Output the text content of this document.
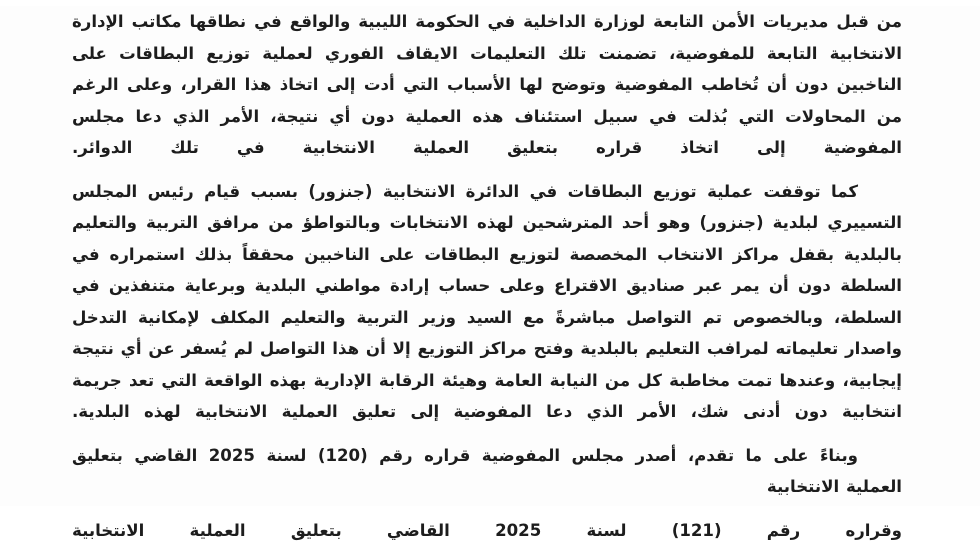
من قبل مديريات الأمن التابعة لوزارة الداخلية في الحكومة الليبية والواقع في نطاقها مكاتب الإدارة الانتخابية التابعة للمفوضية، تضمنت تلك التعليمات الايقاف الفوري لعملية توزيع البطاقات على الناخبين دون أن تُخاطب المفوضية وتوضح لها الأسباب التي أدت إلى اتخاذ هذا القرار، وعلى الرغم من المحاولات التي بُذلت في سبيل استئناف هذه العملية دون أي نتيجة، الأمر الذي دعا مجلس المفوضية إلى اتخاذ قراره بتعليق العملية الانتخابية في تلك الدوائر.

كما توقفت عملية توزيع البطاقات في الدائرة الانتخابية (جنزور) بسبب قيام رئيس المجلس التسييري لبلدية (جنزور) وهو أحد المترشحين لهذه الانتخابات وبالتواطؤ من مرافق التربية والتعليم بالبلدية بقفل مراكز الانتخاب المخصصة لتوزيع البطاقات على الناخبين محققاً بذلك استمراره في السلطة دون أن يمر عبر صناديق الاقتراع وعلى حساب إرادة مواطني البلدية وبرعاية متنفذين في السلطة، وبالخصوص تم التواصل مباشرةً مع السيد وزير التربية والتعليم المكلف لإمكانية التدخل واصدار تعليماته لمرافب التعليم بالبلدية وفتح مراكز التوزيع إلا أن هذا التواصل لم يُسفر عن أي نتيجة إيجابية، وعندها تمت مخاطبة كل من النيابة العامة وهيئة الرقابة الإدارية بهذه الواقعة التي تعد جريمة انتخابية دون أدنى شك، الأمر الذي دعا المفوضية إلى تعليق العملية الانتخابية لهذه البلدية.

وبناءً على ما تقدم، أصدر مجلس المفوضية قراره رقم (120) لسنة 2025 القاضي بتعليق العملية الانتخابية

وقراره رقم (121) لسنة 2025 القاضي بتعليق العملية الانتخابية
